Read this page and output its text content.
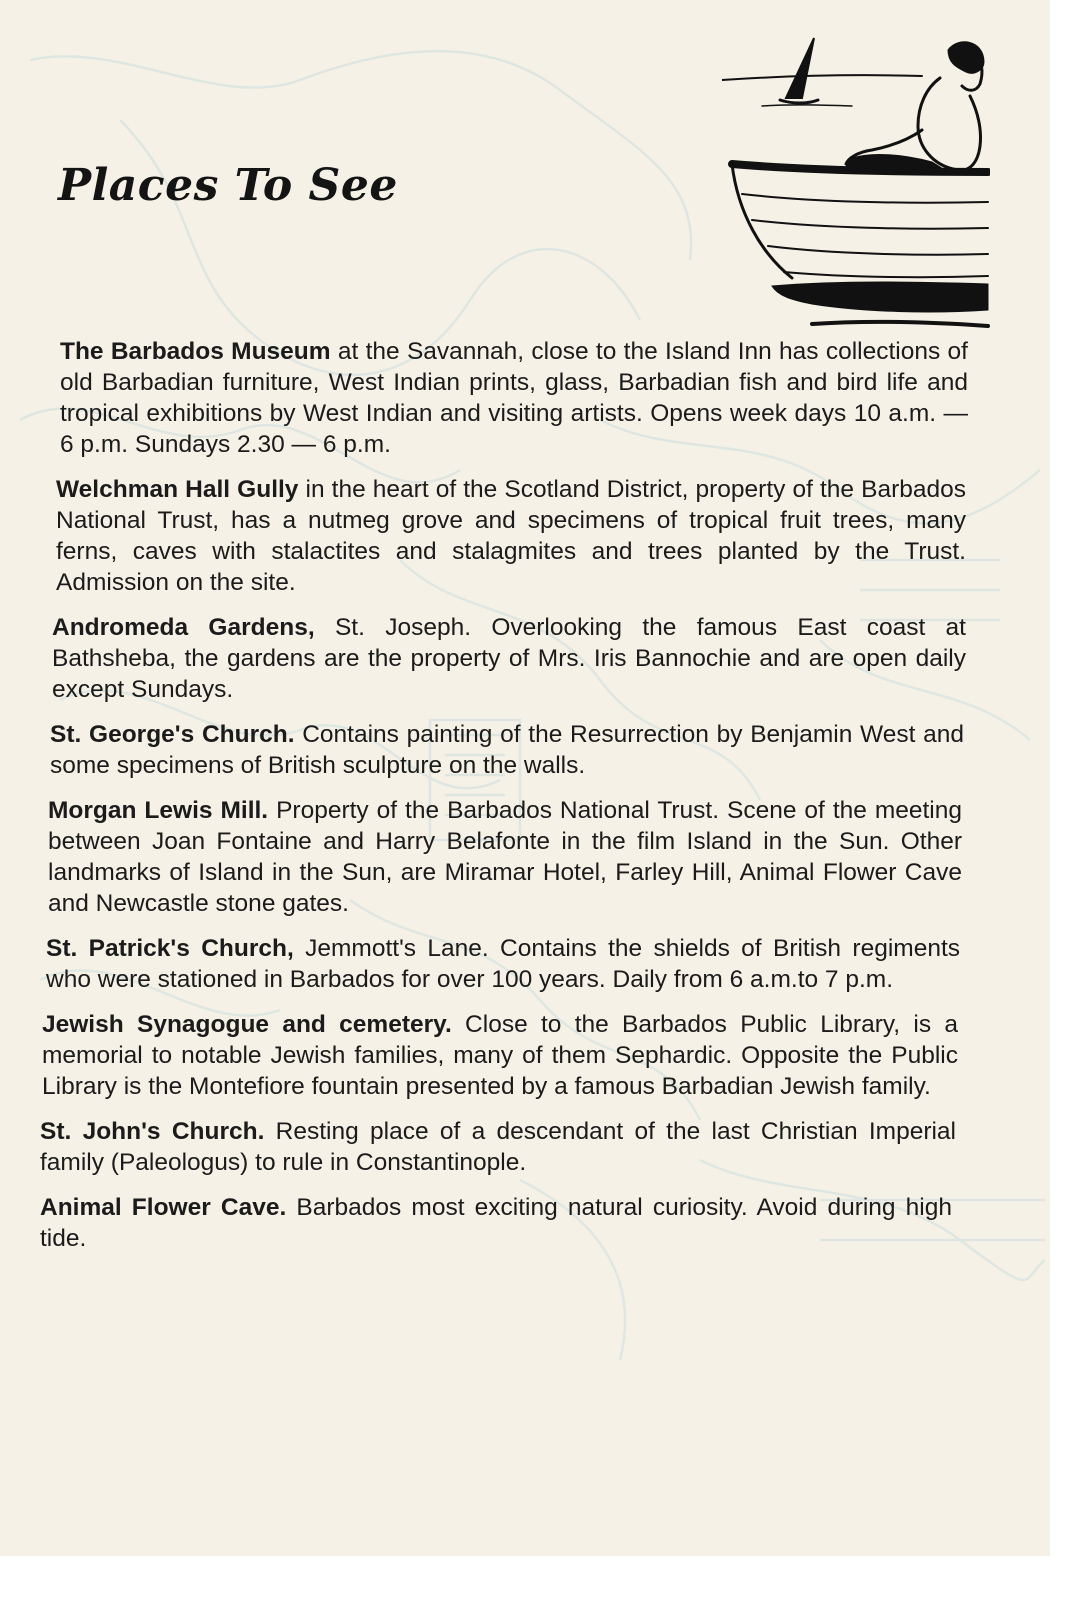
Places To See

The Barbados Museum at the Savannah, close to the Island Inn has collections of old Barbadian furniture, West Indian prints, glass, Barbadian fish and bird life and tropical exhibitions by West Indian and visiting artists. Opens week days 10 a.m. — 6 p.m. Sundays 2.30 — 6 p.m.

Welchman Hall Gully in the heart of the Scotland District, property of the Barbados National Trust, has a nutmeg grove and specimens of tropical fruit trees, many ferns, caves with stalactites and stalagmites and trees planted by the Trust. Admission on the site.

Andromeda Gardens, St. Joseph. Overlooking the famous East coast at Bathsheba, the gardens are the property of Mrs. Iris Bannochie and are open daily except Sundays.

St. George's Church. Contains painting of the Resurrection by Benjamin West and some specimens of British sculpture on the walls.

Morgan Lewis Mill. Property of the Barbados National Trust. Scene of the meeting between Joan Fontaine and Harry Belafonte in the film Island in the Sun. Other landmarks of Island in the Sun, are Miramar Hotel, Farley Hill, Animal Flower Cave and Newcastle stone gates.

St. Patrick's Church, Jemmott's Lane. Contains the shields of British regiments who were stationed in Barbados for over 100 years. Daily from 6 a.m.to 7 p.m.

Jewish Synagogue and cemetery. Close to the Barbados Public Library, is a memorial to notable Jewish families, many of them Sephardic. Opposite the Public Library is the Montefiore fountain presented by a famous Barbadian Jewish family.

St. John's Church. Resting place of a descendant of the last Christian Imperial family (Paleologus) to rule in Constantinople.

Animal Flower Cave. Barbados most exciting natural curiosity. Avoid during high tide.
